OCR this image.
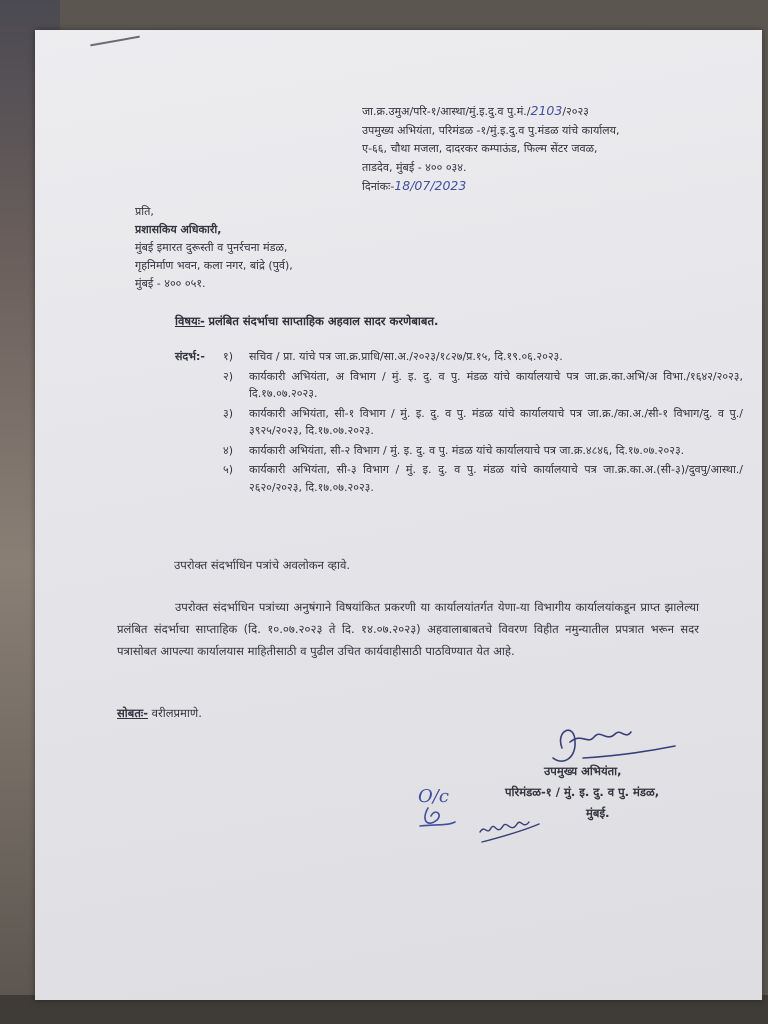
जा.क्र.उमुअ/परि-१/आस्था/मुं.इ.दु.व पु.मं./2103/२०२३
उपमुख्य अभियंता, परिमंडळ -१/मुं.इ.दु.व पु.मंडळ यांचे कार्यालय,
ए-६६, चौथा मजला, दादरकर कम्पाऊंड, फिल्म सेंटर जवळ,
ताडदेव, मुंबई - ४०० ०३४.
दिनांकः-18/07/2023
प्रति,
प्रशासकिय अधिकारी,
मुंबई इमारत दुरूस्ती व पुनर्रचना मंडळ,
गृहनिर्माण भवन, कला नगर, बांद्रे (पुर्व),
मुंबई - ४०० ०५१.
विषयः- प्रलंबित संदर्भाचा साप्ताहिक अहवाल सादर करणेबाबत.
संदर्भ:- १)	सचिव / प्रा. यांचे पत्र जा.क्र.प्राधि/सा.अ./२०२३/१८२७/प्र.१५, दि.१९.०६.२०२३.
२)	कार्यकारी अभियंता, अ विभाग / मुं. इ. दु. व पु. मंडळ यांचे कार्यालयाचे पत्र जा.क्र.का.अभि/अ विभा./१६४२/२०२३, दि.१७.०७.२०२३.
३)	कार्यकारी अभियंता, सी-१ विभाग / मुं. इ. दु. व पु. मंडळ यांचे कार्यालयाचे पत्र जा.क्र./का.अ./सी-१ विभाग/दु. व पु./३९२५/२०२३, दि.१७.०७.२०२३.
४)	कार्यकारी अभियंता, सी-२ विभाग / मुं. इ. दु. व पु. मंडळ यांचे कार्यालयाचे पत्र जा.क्र.४८४६, दि.१७.०७.२०२३.
५)	कार्यकारी अभियंता, सी-३ विभाग / मुं. इ. दु. व पु. मंडळ यांचे कार्यालयाचे पत्र जा.क्र.का.अ.(सी-३)/दुवपु/आस्था./२६२०/२०२३, दि.१७.०७.२०२३.
उपरोक्त संदर्भाधिन पत्रांचे अवलोकन व्हावे.
उपरोक्त संदर्भाधिन पत्रांच्या अनुषंगाने विषयांकित प्रकरणी या कार्यालयांतर्गत येणा-या विभागीय कार्यालयांकडून प्राप्त झालेल्या प्रलंबित संदर्भाचा साप्ताहिक (दि. १०.०७.२०२३ ते दि. १४.०७.२०२३) अहवालाबाबतचे विवरण विहीत नमुन्यातील प्रपत्रात भरून सदर पत्रासोबत आपल्या कार्यालयास माहितीसाठी व पुढील उचित कार्यवाहीसाठी पाठविण्यात येत आहे.
सोबतः- वरीलप्रमाणे.
उपमुख्य अभियंता,
परिमंडळ-१ / मुं. इ. दु. व पु. मंडळ,
मुंबई.
O/c
